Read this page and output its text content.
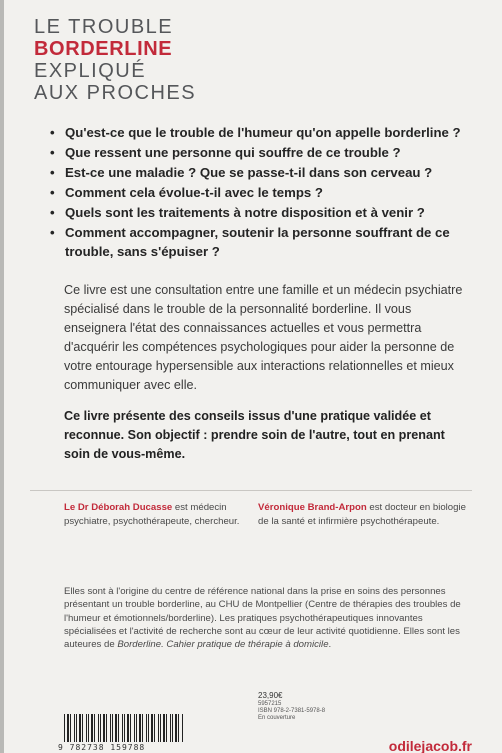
LE TROUBLE
BORDERLINE
EXPLIQUÉ
AUX PROCHES
• Qu'est-ce que le trouble de l'humeur qu'on appelle borderline ?
• Que ressent une personne qui souffre de ce trouble ?
• Est-ce une maladie ? Que se passe-t-il dans son cerveau ?
• Comment cela évolue-t-il avec le temps ?
• Quels sont les traitements à notre disposition et à venir ?
• Comment accompagner, soutenir la personne souffrant de ce trouble, sans s'épuiser ?

Ce livre est une consultation entre une famille et un médecin psychiatre spécialisé dans le trouble de la personnalité borderline. Il vous enseignera l'état des connaissances actuelles et vous permettra d'acquérir les compétences psychologiques pour aider la personne de votre entourage hypersensible aux interactions relationnelles et mieux communiquer avec elle.

Ce livre présente des conseils issus d'une pratique validée et reconnue. Son objectif : prendre soin de l'autre, tout en prenant soin de vous-même.

Le Dr Déborah Ducasse est médecin psychiatre, psychothérapeute, chercheur.

Véronique Brand-Arpon est docteur en biologie de la santé et infirmière psychothérapeute.

Elles sont à l'origine du centre de référence national dans la prise en soins des personnes présentant un trouble borderline, au CHU de Montpellier (Centre de thérapies des troubles de l'humeur et émotionnels/borderline). Les pratiques psychothérapeutiques innovantes spécialisées et l'activité de recherche sont au cœur de leur activité quotidienne. Elles sont les auteures de Borderline. Cahier pratique de thérapie à domicile.

23,90€
5957215
ISBN 978-2-7381-5978-8
En couverture
9 782738 159788	odilejacob.fr
